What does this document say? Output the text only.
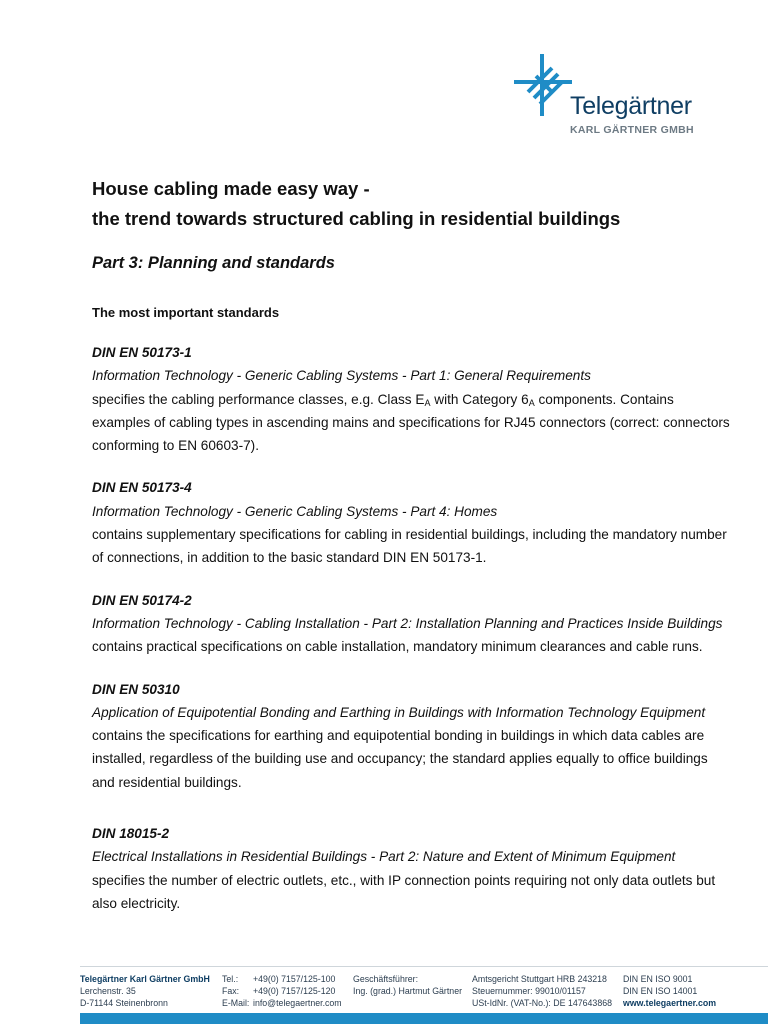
Telegärtner
KARL GÄRTNER GMBH
House cabling made easy way -
the trend towards structured cabling in residential buildings
Part 3: Planning and standards
The most important standards

DIN EN 50173-1

Information Technology - Generic Cabling Systems - Part 1: General Requirements

specifies the cabling performance classes, e.g. Class $E_A$ with Category $6_A$ components. Contains examples of cabling types in ascending mains and specifications for RJ45 connectors (correct: connectors conforming to EN 60603-7).

DIN EN 50173-4

Information Technology - Generic Cabling Systems - Part 4: Homes

contains supplementary specifications for cabling in residential buildings, including the mandatory number of connections, in addition to the basic standard DIN EN 50173-1.

DIN EN 50174-2

Information Technology - Cabling Installation - Part 2: Installation Planning and Practices Inside Buildings

contains practical specifications on cable installation, mandatory minimum clearances and cable runs.

DIN EN 50310

Application of Equipotential Bonding and Earthing in Buildings with Information Technology Equipment

contains the specifications for earthing and equipotential bonding in buildings in which data cables are installed, regardless of the building use and occupancy; the standard applies equally to office buildings and residential buildings.

DIN 18015-2

Electrical Installations in Residential Buildings - Part 2: Nature and Extent of Minimum Equipment

specifies the number of electric outlets, etc., with IP connection points requiring not only data outlets but also electricity.

Telegärtner Karl Gärtner GmbH
Lerchenstr. 35
D-71144 Steinenbronn
Tel.:
Fax:
E-Mail:
+49(0) 7157/125-100
+49(0) 7157/125-120
info@telegaertner.com
Geschäftsführer:
Ing. (grad.) Hartmut Gärtner
Amtsgericht Stuttgart HRB 243218
Steuernummer: 99010/01157
USt-IdNr. (VAT-No.): DE 147643868
DIN EN ISO 9001
DIN EN ISO 14001
www.telegaertner.com
